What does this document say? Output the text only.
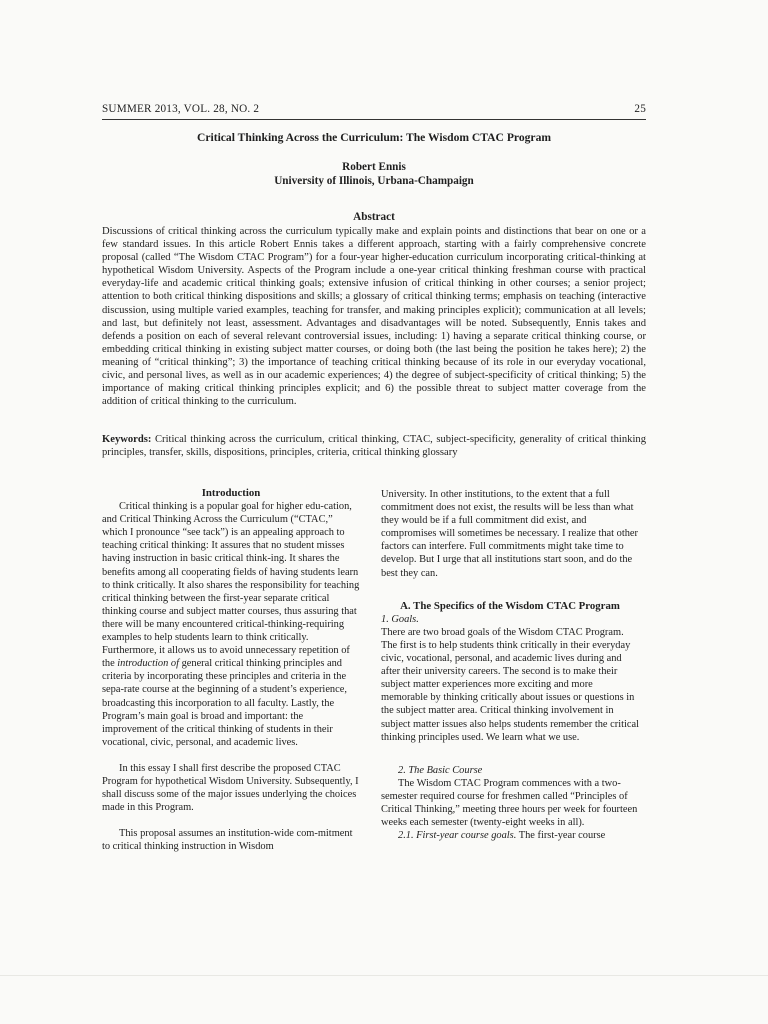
SUMMER 2013, VOL. 28, NO. 2	25
Critical Thinking Across the Curriculum: The Wisdom CTAC Program
Robert Ennis
University of Illinois, Urbana-Champaign
Abstract
Discussions of critical thinking across the curriculum typically make and explain points and distinctions that bear on one or a few standard issues. In this article Robert Ennis takes a different approach, starting with a fairly comprehensive concrete proposal (called “The Wisdom CTAC Program”) for a four-year higher-education curriculum incorporating critical-thinking at hypothetical Wisdom University. Aspects of the Program include a one-year critical thinking freshman course with practical everyday-life and academic critical thinking goals; extensive infusion of critical thinking in other courses; a senior project; attention to both critical thinking dispositions and skills; a glossary of critical thinking terms; emphasis on teaching (interactive discussion, using multiple varied examples, teaching for transfer, and making principles explicit); communication at all levels; and last, but definitely not least, assessment. Advantages and disadvantages will be noted. Subsequently, Ennis takes and defends a position on each of several relevant controversial issues, including: 1) having a separate critical thinking course, or embedding critical thinking in existing subject matter courses, or doing both (the last being the position he takes here); 2) the meaning of “critical thinking”; 3) the importance of teaching critical thinking because of its role in our everyday vocational, civic, and personal lives, as well as in our academic experiences; 4) the degree of subject-specificity of critical thinking; 5) the importance of making critical thinking principles explicit; and 6) the possible threat to subject matter coverage from the addition of critical thinking to the curriculum.
Keywords: Critical thinking across the curriculum, critical thinking, CTAC, subject-specificity, generality of critical thinking principles, transfer, skills, dispositions, principles, criteria, critical thinking glossary
Introduction

Critical thinking is a popular goal for higher edu-cation, and Critical Thinking Across the Curriculum (“CTAC,” which I pronounce “see tack”) is an appealing approach to teaching critical thinking: It assures that no student misses having instruction in basic critical think-ing. It shares the benefits among all cooperating fields of having students learn to think critically. It also shares the responsibility for teaching critical thinking between the first-year separate critical thinking course and subject matter courses, thus assuring that there will be many encountered critical-thinking-requiring examples to help students learn to think critically. Furthermore, it allows us to avoid unnecessary repetition of the introduction of general critical thinking principles and criteria by incorporating these principles and criteria in the sepa-rate course at the beginning of a student’s experience, broadcasting this incorporation to all faculty. Lastly, the Program’s main goal is broad and important: the improvement of the critical thinking of students in their vocational, civic, personal, and academic lives.

In this essay I shall first describe the proposed CTAC Program for hypothetical Wisdom University. Subsequently, I shall discuss some of the major issues underlying the choices made in this Program.

This proposal assumes an institution-wide com-mitment to critical thinking instruction in Wisdom

University. In other institutions, to the extent that a full commitment does not exist, the results will be less than what they would be if a full commitment did exist, and compromises will sometimes be necessary. I realize that other factors can interfere. Full commitments might take time to develop. But I urge that all institutions start soon, and do the best they can.

A. The Specifics of the Wisdom CTAC Program

1. Goals.

There are two broad goals of the Wisdom CTAC Program. The first is to help students think critically in their everyday civic, vocational, personal, and academic lives during and after their university careers. The second is to make their subject matter experiences more exciting and more memorable by thinking critically about issues or questions in the subject matter area. Critical thinking involvement in subject matter issues also helps students remember the critical thinking principles used. We learn what we use.

2. The Basic Course

The Wisdom CTAC Program commences with a two-semester required course for freshmen called “Principles of Critical Thinking,” meeting three hours per week for fourteen weeks each semester (twenty-eight weeks in all).

2.1. First-year course goals. The first-year course
